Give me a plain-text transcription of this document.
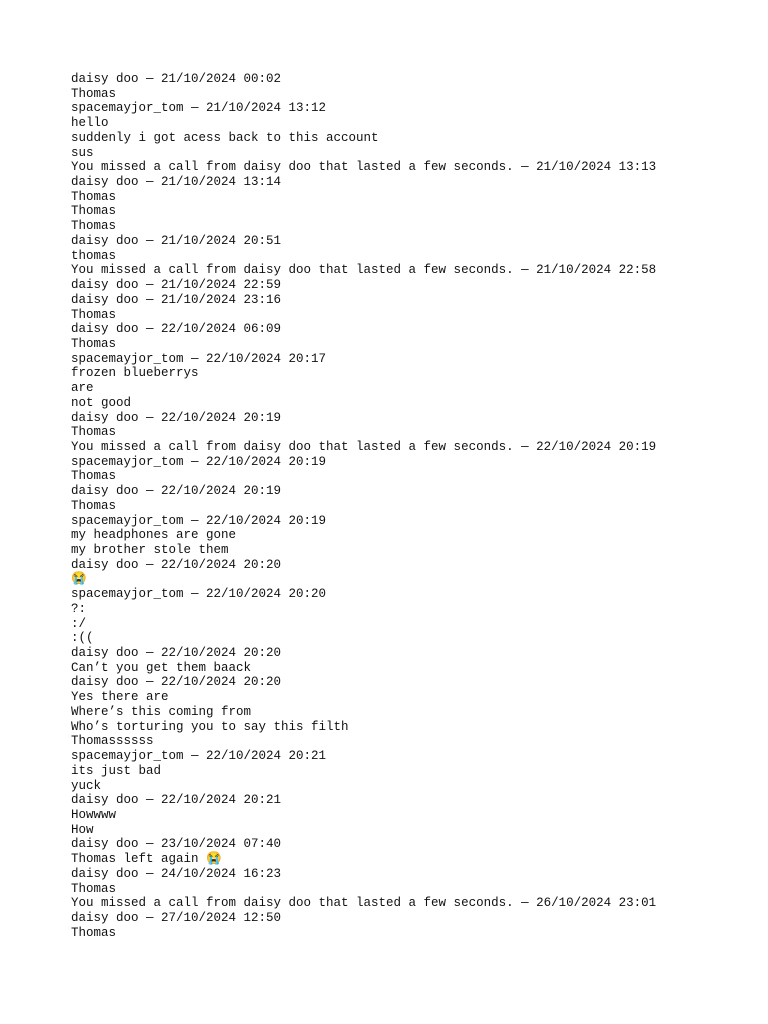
daisy doo — 21/10/2024 00:02
Thomas
spacemayjor_tom — 21/10/2024 13:12
hello
suddenly i got acess back to this account
sus
You missed a call from daisy doo that lasted a few seconds. — 21/10/2024 13:13
daisy doo — 21/10/2024 13:14
Thomas
Thomas
Thomas
daisy doo — 21/10/2024 20:51
thomas
You missed a call from daisy doo that lasted a few seconds. — 21/10/2024 22:58
daisy doo — 21/10/2024 22:59
daisy doo — 21/10/2024 23:16
Thomas
daisy doo — 22/10/2024 06:09
Thomas
spacemayjor_tom — 22/10/2024 20:17
frozen blueberrys
are
not good
daisy doo — 22/10/2024 20:19
Thomas
You missed a call from daisy doo that lasted a few seconds. — 22/10/2024 20:19
spacemayjor_tom — 22/10/2024 20:19
Thomas
daisy doo — 22/10/2024 20:19
Thomas
spacemayjor_tom — 22/10/2024 20:19
my headphones are gone
my brother stole them
daisy doo — 22/10/2024 20:20
😭
spacemayjor_tom — 22/10/2024 20:20
?:
:/
:((
daisy doo — 22/10/2024 20:20
Can’t you get them baack
daisy doo — 22/10/2024 20:20
Yes there are
Where’s this coming from
Who’s torturing you to say this filth
Thomassssss
spacemayjor_tom — 22/10/2024 20:21
its just bad
yuck
daisy doo — 22/10/2024 20:21
Howwww
How
daisy doo — 23/10/2024 07:40
Thomas left again 😭
daisy doo — 24/10/2024 16:23
Thomas
You missed a call from daisy doo that lasted a few seconds. — 26/10/2024 23:01
daisy doo — 27/10/2024 12:50
Thomas
